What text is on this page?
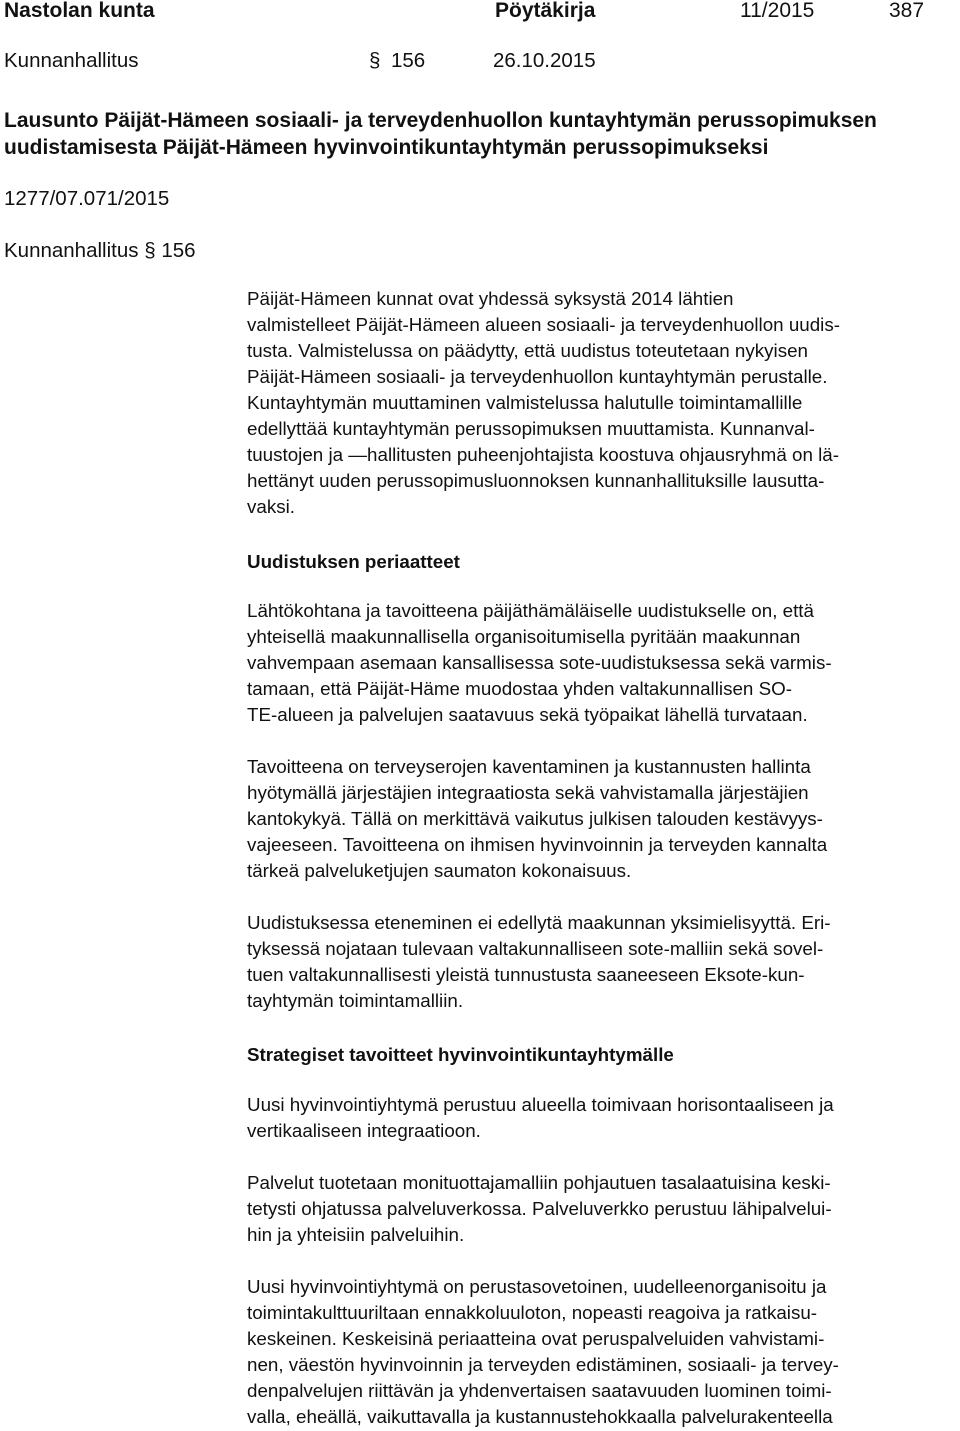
Nastolan kunta	Pöytäkirja	11/2015	387
Kunnanhallitus	§ 156	26.10.2015
Lausunto Päijät-Hämeen sosiaali- ja terveydenhuollon kuntayhtymän perussopimuksen
uudistamisesta Päijät-Hämeen hyvinvointikuntayhtymän perussopimukseksi
1277/07.071/2015
Kunnanhallitus § 156
Päijät-Hämeen kunnat ovat yhdessä syksystä 2014 lähtien
valmistelleet Päijät-Hämeen alueen sosiaali- ja terveydenhuollon uudis-
tusta. Valmistelussa on päädytty, että uudistus toteutetaan nykyisen
Päijät-Hämeen sosiaali- ja terveydenhuollon kuntayhtymän perustalle.
Kuntayhtymän muuttaminen valmistelussa halutulle toimintamallille
edellyttää kuntayhtymän perussopimuksen muuttamista. Kunnanval-
tuustojen ja —hallitusten puheenjohtajista koostuva ohjausryhmä on lä-
hettänyt uuden perussopimusluonnoksen kunnanhallituksille lausutta-
vaksi.
Uudistuksen periaatteet
Lähtökohtana ja tavoitteena päijäthämäläiselle uudistukselle on, että
yhteisellä maakunnallisella organisoitumisella pyritään maakunnan
vahvempaan asemaan kansallisessa sote-uudistuksessa sekä varmis-
tamaan, että Päijät-Häme muodostaa yhden valtakunnallisen SO-
TE-alueen ja palvelujen saatavuus sekä työpaikat lähellä turvataan.
Tavoitteena on terveyserojen kaventaminen ja kustannusten hallinta
hyötymällä järjestäjien integraatiosta sekä vahvistamalla järjestäjien
kantokykyä. Tällä on merkittävä vaikutus julkisen talouden kestävyys-
vajeeseen. Tavoitteena on ihmisen hyvinvoinnin ja terveyden kannalta
tärkeä palveluketjujen saumaton kokonaisuus.
Uudistuksessa eteneminen ei edellytä maakunnan yksimielisyyttä. Eri-
tyksessä nojataan tulevaan valtakunnalliseen sote-malliin sekä sovel-
tuen valtakunnallisesti yleistä tunnustusta saaneeseen Eksote-kun-
tayhtymän toimintamalliin.
Strategiset tavoitteet hyvinvointikuntayhtymälle
Uusi hyvinvointiyhtymä perustuu alueella toimivaan horisontaaliseen ja
vertikaaliseen integraatioon.
Palvelut tuotetaan monituottajamalliin pohjautuen tasalaatuisina keski-
tetysti ohjatussa palveluverkossa. Palveluverkko perustuu lähipalvelui-
hin ja yhteisiin palveluihin.
Uusi hyvinvointiyhtymä on perustasovetoinen, uudelleenorganisoitu ja
toimintakulttuuriltaan ennakkoluuloton, nopeasti reagoiva ja ratkaisu-
keskeinen. Keskeisinä periaatteina ovat peruspalveluiden vahvistami-
nen, väestön hyvinvoinnin ja terveyden edistäminen, sosiaali- ja tervey-
denpalvelujen riittävän ja yhdenvertaisen saatavuuden luominen toimi-
valla, eheällä, vaikuttavalla ja kustannustehokkaalla palvelurakenteella
